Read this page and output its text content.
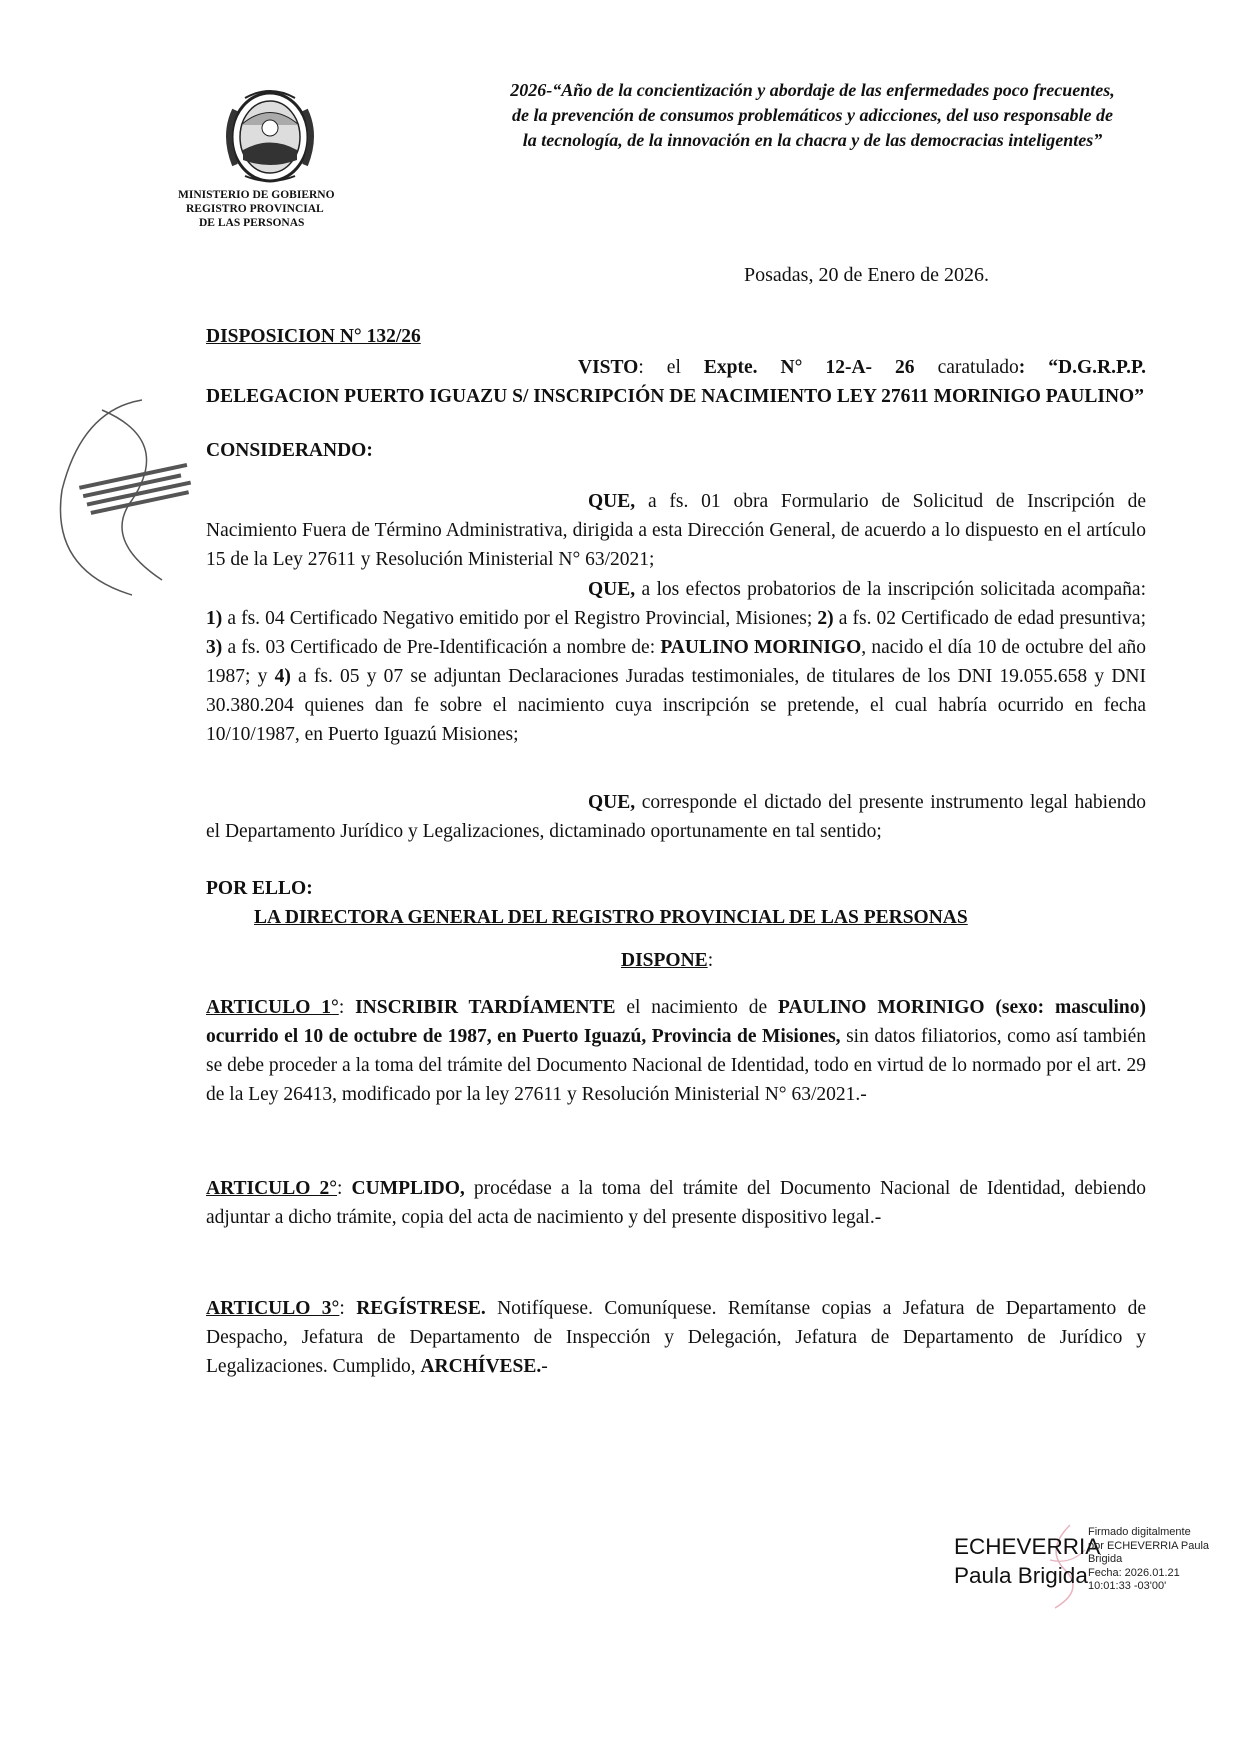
MINISTERIO DE GOBIERNO
REGISTRO PROVINCIAL
DE LAS PERSONAS
2026-“Año de la concientización y abordaje de las enfermedades poco frecuentes,
de la prevención de consumos problemáticos y adicciones, del uso responsable de
la tecnología, de la innovación en la chacra y de las democracias inteligentes”
Posadas, 20 de Enero de 2026.
DISPOSICION N° 132/26
VISTO: el Expte. N° 12-A- 26 caratulado: “D.G.R.P.P. DELEGACION PUERTO IGUAZU S/ INSCRIPCIÓN DE NACIMIENTO LEY 27611 MORINIGO PAULINO”
CONSIDERANDO:
QUE, a fs. 01 obra Formulario de Solicitud de Inscripción de Nacimiento Fuera de Término Administrativa, dirigida a esta Dirección General, de acuerdo a lo dispuesto en el artículo 15 de la Ley 27611 y Resolución Ministerial N° 63/2021;
QUE, a los efectos probatorios de la inscripción solicitada acompaña: 1) a fs. 04 Certificado Negativo emitido por el Registro Provincial, Misiones; 2) a fs. 02 Certificado de edad presuntiva; 3) a fs. 03 Certificado de Pre-Identificación a nombre de: PAULINO MORINIGO, nacido el día 10 de octubre del año 1987; y 4) a fs. 05 y 07 se adjuntan Declaraciones Juradas testimoniales, de titulares de los DNI 19.055.658 y DNI 30.380.204 quienes dan fe sobre el nacimiento cuya inscripción se pretende, el cual habría ocurrido en fecha 10/10/1987, en Puerto Iguazú Misiones;
QUE, corresponde el dictado del presente instrumento legal habiendo el Departamento Jurídico y Legalizaciones, dictaminado oportunamente en tal sentido;
POR ELLO:
LA DIRECTORA GENERAL DEL REGISTRO PROVINCIAL DE LAS PERSONAS
DISPONE:
ARTICULO 1°: INSCRIBIR TARDÍAMENTE el nacimiento de PAULINO MORINIGO (sexo: masculino) ocurrido el 10 de octubre de 1987, en Puerto Iguazú, Provincia de Misiones, sin datos filiatorios, como así también se debe proceder a la toma del trámite del Documento Nacional de Identidad, todo en virtud de lo normado por el art. 29 de la Ley 26413, modificado por la ley 27611 y Resolución Ministerial N° 63/2021.-
ARTICULO 2°: CUMPLIDO, procédase a la toma del trámite del Documento Nacional de Identidad, debiendo adjuntar a dicho trámite, copia del acta de nacimiento y del presente dispositivo legal.-
ARTICULO 3°: REGÍSTRESE. Notifíquese. Comuníquese. Remítanse copias a Jefatura de Departamento de Despacho, Jefatura de Departamento de Inspección y Delegación, Jefatura de Departamento de Jurídico y Legalizaciones. Cumplido, ARCHÍVESE.-
ECHEVERRIA
Paula Brigida
Firmado digitalmente
por ECHEVERRIA Paula
Brigida
Fecha: 2026.01.21
10:01:33 -03'00'
